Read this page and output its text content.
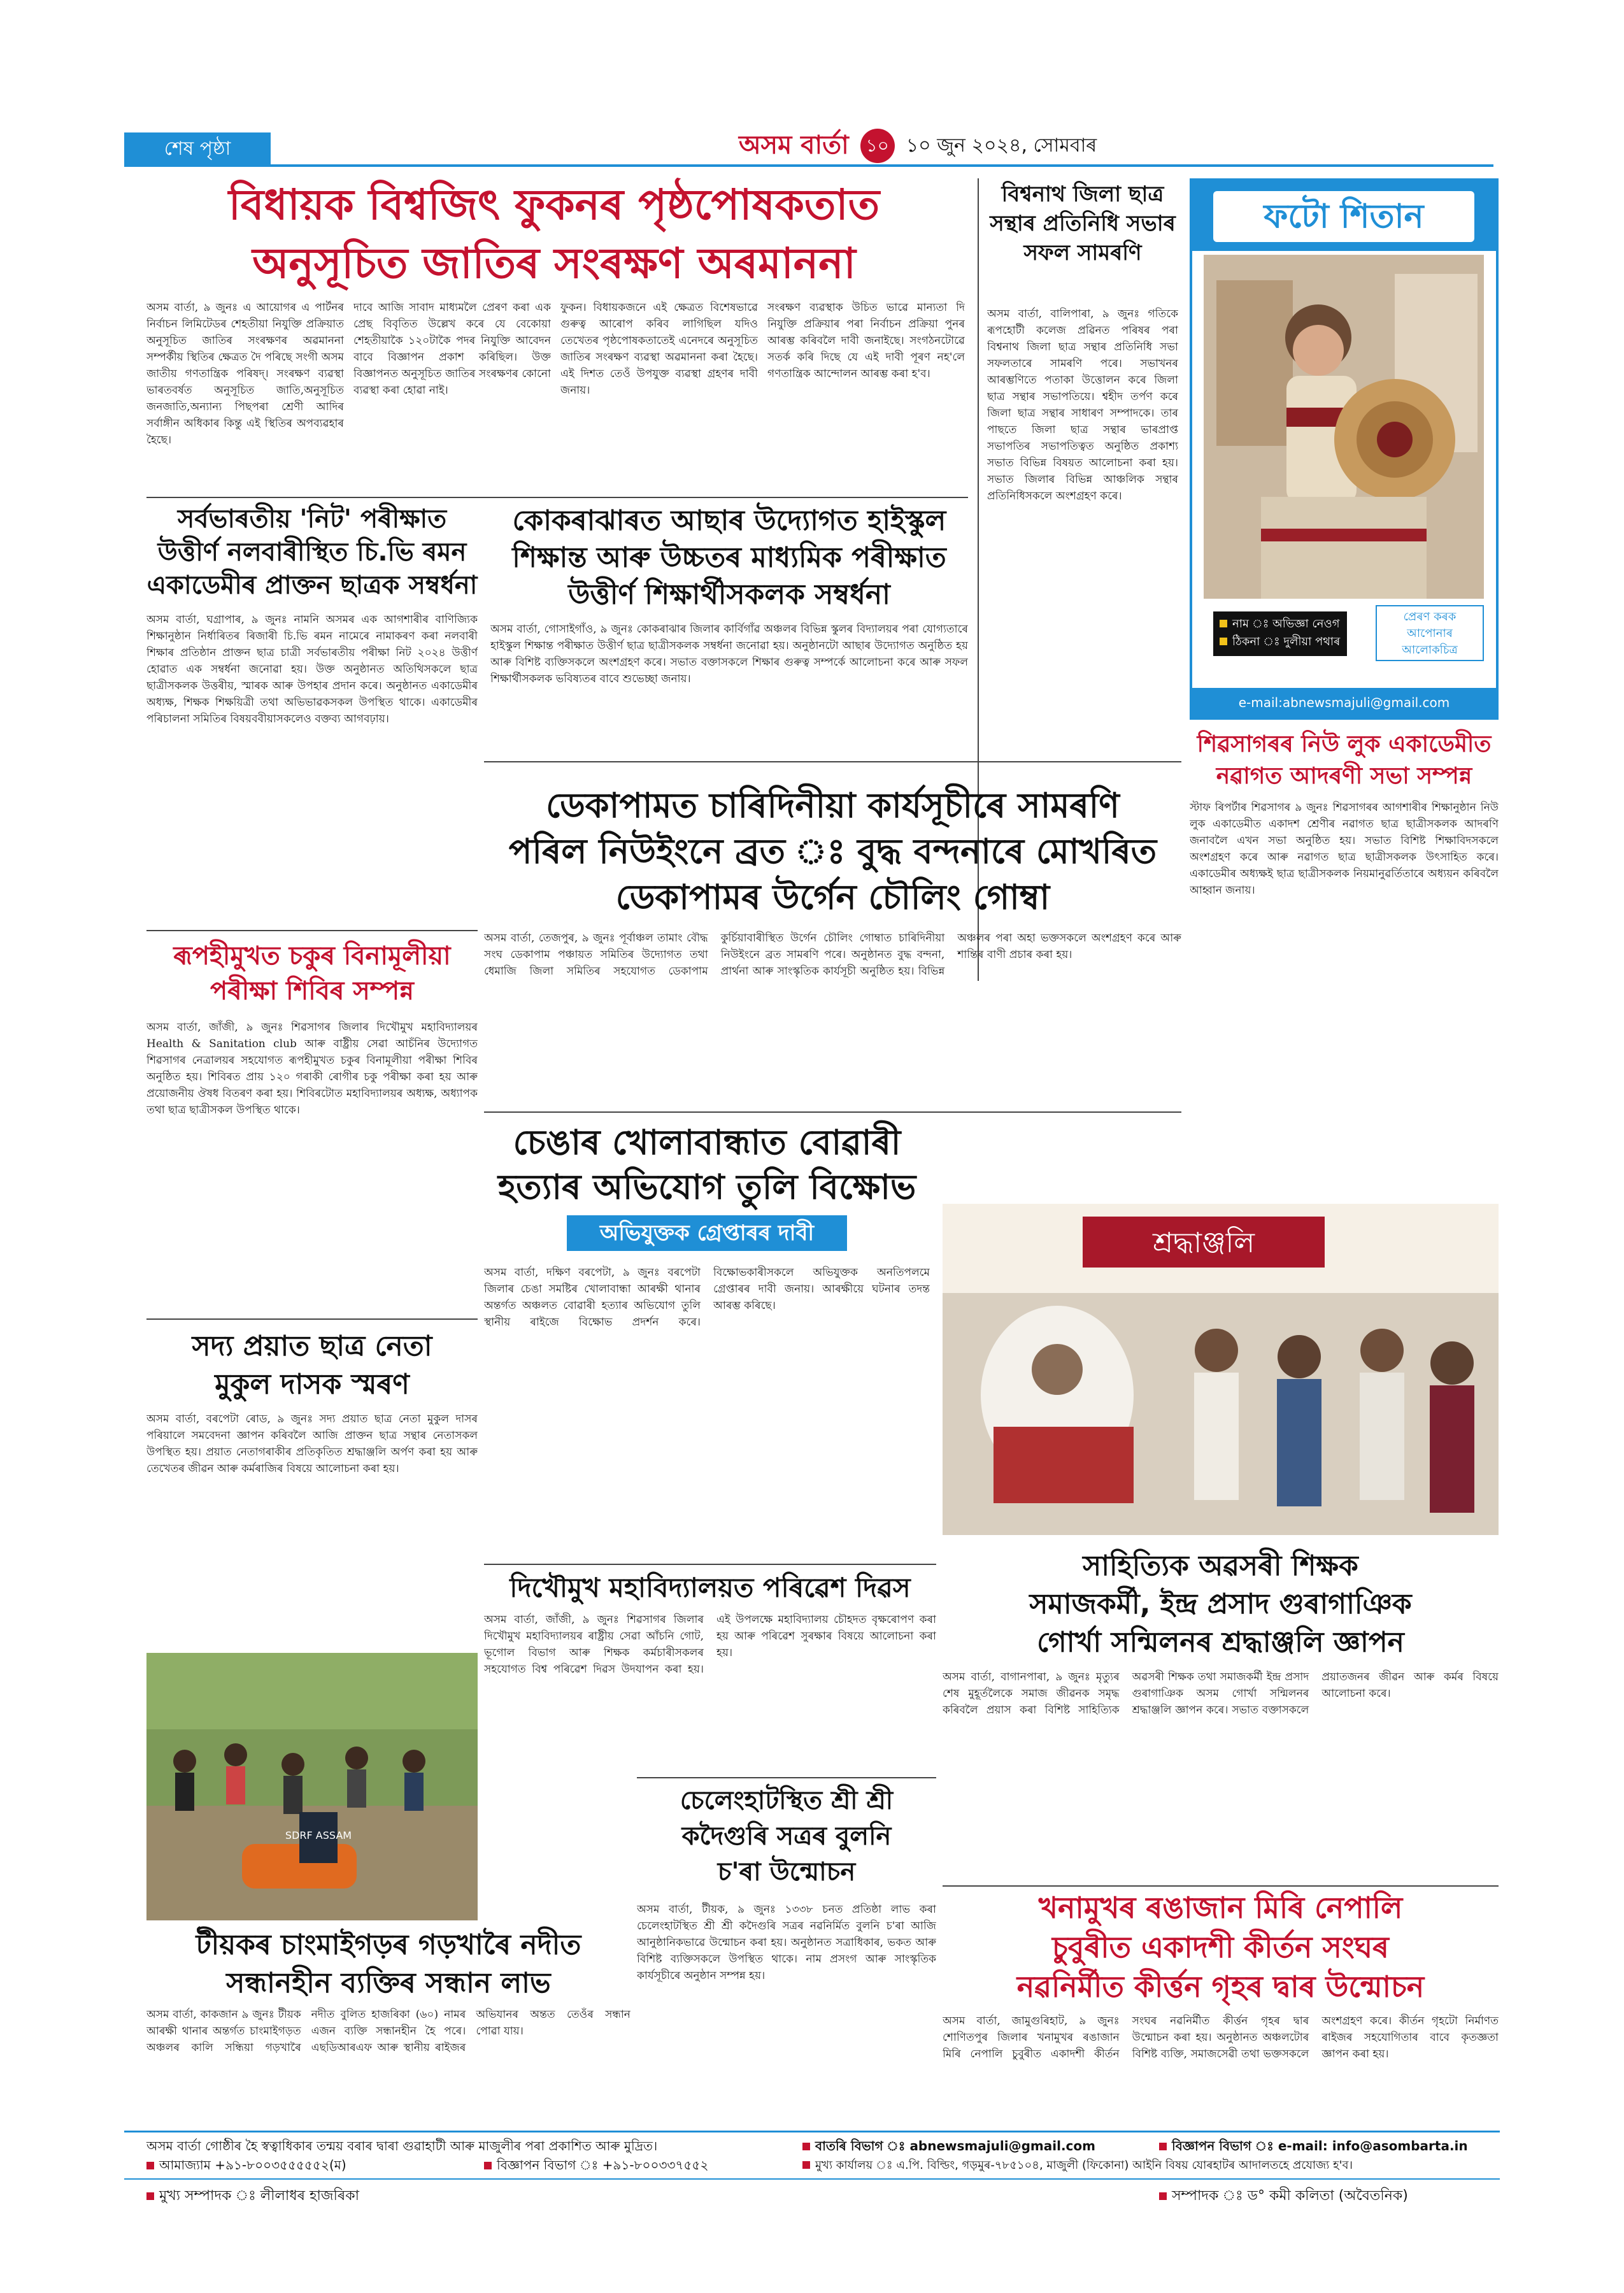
শেষ পৃষ্ঠা	অসম বার্তা ১০ ১০ জুন ২০২৪, সোমবাৰ
বিধায়ক বিশ্বজিৎ ফুকনৰ পৃষ্ঠপোষকতাত
অনুসূচিত জাতিৰ সংৰক্ষণ অৰমাননা
অসম বাৰ্তা, ৯ জুনঃ এ আয়োগৰ এ পাৰ্টনৰ নিৰ্বাচন লিমিটেডৰ শেহতীয়া নিযুক্তি প্ৰক্ৰিয়াত অনুসূচিত জাতিৰ সংৰক্ষণৰ অৱমাননা সম্পৰ্কীয় স্থিতিৰ ক্ষেত্ৰত দৈ পৰিছে সংগী অসম জাতীয় গণতান্ত্ৰিক পৰিষদ্। সংৰক্ষণ ব্যৱস্থা ভাৰতবৰ্ষত অনুসূচিত জাতি,অনুসূচিত জনজাতি,অন্যান্য পিছপৰা শ্ৰেণী আদিৰ সৰ্বাঙ্গীন অধিকাৰ কিন্তু এই স্থিতিৰ অপব্যৱহাৰ হৈছে।
দাবে আজি সাবাদ মাধ্যমলৈ প্ৰেৰণ কৰা এক প্ৰেছ বিবৃতিত উল্লেখ কৰে যে বেকোয়া শেহতীয়াকৈ ১২০টাকৈ পদৰ নিযুক্তি আবেদন বাবে বিজ্ঞাপন প্ৰকাশ কৰিছিল। উক্ত বিজ্ঞাপনত অনুসূচিত জাতিৰ সংৰক্ষণৰ কোনো ব্যৱস্থা কৰা হোৱা নাই।
ফুকন। বিধায়কজনে এই ক্ষেত্ৰত বিশেষভাৱে গুৰুত্ব আৰোপ কৰিব লাগিছিল যদিও তেখেতৰ পৃষ্ঠপোষকতাতেই এনেদৰে অনুসূচিত জাতিৰ সংৰক্ষণ ব্যৱস্থা অৱমাননা কৰা হৈছে। এই দিশত তেওঁ উপযুক্ত ব্যৱস্থা গ্ৰহণৰ দাবী জনায়।
সংৰক্ষণ ব্যৱস্থাক উচিত ভাৱে মান্যতা দি নিযুক্তি প্ৰক্ৰিয়াৰ পৰা নিৰ্বাচন প্ৰক্ৰিয়া পুনৰ আৰম্ভ কৰিবলৈ দাবী জনাইছে। সংগঠনটোৱে সতৰ্ক কৰি দিছে যে এই দাবী পূৰণ নহ'লে গণতান্ত্ৰিক আন্দোলন আৰম্ভ কৰা হ'ব।
বিশ্বনাথ জিলা ছাত্ৰ সন্থাৰ প্ৰতিনিধি সভাৰ সফল সামৰণি
অসম বাৰ্তা, বালিপাৰা, ৯ জুনঃ গতিকে ৰূপহোটী কলেজ প্ৰৱিনত পৰিষৰ পৰা বিশ্বনাথ জিলা ছাত্ৰ সন্থাৰ প্ৰতিনিধি সভা সফলতাৰে সামৰণি পৰে। সভাখনৰ আৰম্ভণিতে পতাকা উত্তোলন কৰে জিলা ছাত্ৰ সন্থাৰ সভাপতিয়ে। শ্বহীদ তৰ্পণ কৰে জিলা ছাত্ৰ সন্থাৰ সাধাৰণ সম্পাদকে। তাৰ পাছতে জিলা ছাত্ৰ সন্থাৰ ভাৰপ্ৰাপ্ত সভাপতিৰ সভাপতিত্বত অনুষ্ঠিত প্ৰকাশ্য সভাত বিভিন্ন বিষয়ত আলোচনা কৰা হয়। সভাত জিলাৰ বিভিন্ন আঞ্চলিক সন্থাৰ প্ৰতিনিধিসকলে অংশগ্ৰহণ কৰে।
ফটো শিতান
নাম ঃ অভিজ্ঞা নেওগ
ঠিকনা ঃ দুলীয়া পথাৰ
প্ৰেৰণ কৰক আপোনাৰ আলোকচিত্ৰ
e-mail:abnewsmajuli@gmail.com
সৰ্বভাৰতীয় 'নিট' পৰীক্ষাত
উত্তীৰ্ণ নলবাৰীস্থিত চি.ভি ৰমন
একাডেমীৰ প্ৰাক্তন ছাত্ৰক সম্বৰ্ধনা
অসম বাৰ্তা, ঘগ্ৰাপাৰ, ৯ জুনঃ নামনি অসমৰ এক আগশাৰীৰ বাণিজ্যিক শিক্ষানুষ্ঠান নিৰ্ধাৰিতৰ ৰিজাৰী চি.ভি ৰমন নামেৰে নামাকৰণ কৰা নলবাৰী শিক্ষাৰ প্ৰতিষ্ঠান প্ৰাক্তন ছাত্ৰ চাত্ৰী সৰ্বভাৰতীয় পৰীক্ষা নিট ২০২৪ উত্তীৰ্ণ হোৱাত এক সম্বৰ্ধনা জনোৱা হয়। উক্ত অনুষ্ঠানত অতিথিসকলে ছাত্ৰ ছাত্ৰীসকলক উত্তৰীয়, স্মাৰক আৰু উপহাৰ প্ৰদান কৰে। অনুষ্ঠানত একাডেমীৰ অধ্যক্ষ, শিক্ষক শিক্ষয়িত্ৰী তথা অভিভাৱকসকল উপস্থিত থাকে। একাডেমীৰ পৰিচালনা সমিতিৰ বিষয়ববীয়াসকলেও বক্তব্য আগবঢ়ায়।
কোকৰাঝাৰত আছাৰ উদ্যোগত হাইস্কুল
শিক্ষান্ত আৰু উচ্চতৰ মাধ্যমিক পৰীক্ষাত
উত্তীৰ্ণ শিক্ষাৰ্থীসকলক সম্বৰ্ধনা
অসম বাৰ্তা, গোসাইগাঁও, ৯ জুনঃ কোকৰাঝাৰ জিলাৰ কাৰ্বিগাঁৱ অঞ্চলৰ বিভিন্ন স্কুলৰ বিদ্যালয়ৰ পৰা যোগ্যতাৰে হাইস্কুল শিক্ষান্ত পৰীক্ষাত উত্তীৰ্ণ ছাত্ৰ ছাত্ৰীসকলক সম্বৰ্ধনা জনোৱা হয়। অনুষ্ঠানটো আছাৰ উদ্যোগত অনুষ্ঠিত হয় আৰু বিশিষ্ট ব্যক্তিসকলে অংশগ্ৰহণ কৰে। সভাত বক্তাসকলে শিক্ষাৰ গুৰুত্ব সম্পৰ্কে আলোচনা কৰে আৰু সফল শিক্ষাৰ্থীসকলক ভবিষ্যতৰ বাবে শুভেচ্ছা জনায়।
শিৱসাগৰৰ নিউ লুক একাডেমীত
নৱাগত আদৰণী সভা সম্পন্ন
স্টাফ ৰিপৰ্টাৰ শিৱসাগৰ ৯ জুনঃ শিৱসাগৰৰ আগশাৰীৰ শিক্ষানুষ্ঠান নিউ লুক একাডেমীত একাদশ শ্ৰেণীৰ নৱাগত ছাত্ৰ ছাত্ৰীসকলক আদৰণি জনাবলৈ এখন সভা অনুষ্ঠিত হয়। সভাত বিশিষ্ট শিক্ষাবিদসকলে অংশগ্ৰহণ কৰে আৰু নৱাগত ছাত্ৰ ছাত্ৰীসকলক উৎসাহিত কৰে। একাডেমীৰ অধ্যক্ষই ছাত্ৰ ছাত্ৰীসকলক নিয়মানুৱৰ্তিতাৰে অধ্যয়ন কৰিবলৈ আহ্বান জনায়।
ডেকাপামত চাৰিদিনীয়া কাৰ্যসূচীৰে সামৰণি
পৰিল নিউইংনে ব্ৰত ঃ বুদ্ধ বন্দনাৰে মোখৰিত
ডেকাপামৰ উৰ্গেন চৌলিং গোম্বা
অসম বাৰ্তা, তেজপুৰ, ৯ জুনঃ পূৰ্বাঞ্চল তামাং বৌদ্ধ সংঘ ডেকাপাম পঞ্চায়ত সমিতিৰ উদ্যোগত তথা ধেমাজি জিলা সমিতিৰ সহযোগত ডেকাপাম কুৰ্চিয়াবাৰীস্থিত উৰ্গেন চৌলিং গোম্বাত চাৰিদিনীয়া নিউইংনে ব্ৰত সামৰণি পৰে। অনুষ্ঠানত বুদ্ধ বন্দনা, প্ৰাৰ্থনা আৰু সাংস্কৃতিক কাৰ্যসূচী অনুষ্ঠিত হয়। বিভিন্ন অঞ্চলৰ পৰা অহা ভক্তসকলে অংশগ্ৰহণ কৰে আৰু শান্তিৰ বাণী প্ৰচাৰ কৰা হয়।
ৰূপহীমুখত চকুৰ বিনামূলীয়া
পৰীক্ষা শিবিৰ সম্পন্ন
অসম বাৰ্তা, জাঁজী, ৯ জুনঃ শিৱসাগৰ জিলাৰ দিখৌমুখ মহাবিদ্যালয়ৰ Health & Sanitation club আৰু বাষ্ট্ৰীয় সেৱা আচঁনিৰ উদ্যোগত শিৱসাগৰ নেত্ৰালয়ৰ সহযোগত ৰূপহীমুখত চকুৰ বিনামূলীয়া পৰীক্ষা শিবিৰ অনুষ্ঠিত হয়। শিবিৰত প্ৰায় ১২০ গৰাকী ৰোগীৰ চকু পৰীক্ষা কৰা হয় আৰু প্ৰয়োজনীয় ঔষধ বিতৰণ কৰা হয়। শিবিৰটোত মহাবিদ্যালয়ৰ অধ্যক্ষ, অধ্যাপক তথা ছাত্ৰ ছাত্ৰীসকল উপস্থিত থাকে।
চেঙাৰ খোলাবান্ধাত বোৱাৰী
হত্যাৰ অভিযোগ তুলি বিক্ষোভ
অভিযুক্তক গ্ৰেপ্তাৰৰ দাবী
অসম বাৰ্তা, দক্ষিণ বৰপেটা, ৯ জুনঃ বৰপেটা জিলাৰ চেঙা সমষ্টিৰ খোলাবান্ধা আৰক্ষী থানাৰ অন্তৰ্গত অঞ্চলত বোৱাৰী হত্যাৰ অভিযোগ তুলি স্থানীয় ৰাইজে বিক্ষোভ প্ৰদৰ্শন কৰে। বিক্ষোভকাৰীসকলে অভিযুক্তক অনতিপলমে গ্ৰেপ্তাৰৰ দাবী জনায়। আৰক্ষীয়ে ঘটনাৰ তদন্ত আৰম্ভ কৰিছে।
শ্ৰদ্ধাঞ্জলি
সাহিত্যিক অৱসৰী শিক্ষক
সমাজকৰ্মী, ইন্দ্ৰ প্ৰসাদ গুৰাগাঞিক
গোৰ্খা সন্মিলনৰ শ্ৰদ্ধাঞ্জলি জ্ঞাপন
অসম বাৰ্তা, বাগানপাৰা, ৯ জুনঃ মৃত্যুৰ শেষ মুহূৰ্তলৈকে সমাজ জীৱনক সমৃদ্ধ কৰিবলৈ প্ৰয়াস কৰা বিশিষ্ট সাহিত্যিক অৱসৰী শিক্ষক তথা সমাজকৰ্মী ইন্দ্ৰ প্ৰসাদ গুৰাগাঞিক অসম গোৰ্খা সন্মিলনৰ শ্ৰদ্ধাঞ্জলি জ্ঞাপন কৰে। সভাত বক্তাসকলে প্ৰয়াতজনৰ জীৱন আৰু কৰ্মৰ বিষয়ে আলোচনা কৰে।
সদ্য প্ৰয়াত ছাত্ৰ নেতা
মুকুল দাসক স্মৰণ
অসম বাৰ্তা, বৰপেটা ৰোড, ৯ জুনঃ সদ্য প্ৰয়াত ছাত্ৰ নেতা মুকুল দাসৰ পৰিয়ালে সমবেদনা জ্ঞাপন কৰিবলৈ আজি প্ৰাক্তন ছাত্ৰ সন্থাৰ নেতাসকল উপস্থিত হয়। প্ৰয়াত নেতাগৰাকীৰ প্ৰতিকৃতিত শ্ৰদ্ধাঞ্জলি অৰ্পণ কৰা হয় আৰু তেখেতৰ জীৱন আৰু কৰ্মৰাজিৰ বিষয়ে আলোচনা কৰা হয়।
দিখৌমুখ মহাবিদ্যালয়ত পৰিৱেশ দিৱস
অসম বাৰ্তা, জাঁজী, ৯ জুনঃ শিৱসাগৰ জিলাৰ দিখৌমুখ মহাবিদ্যালয়ৰ ৰাষ্ট্ৰীয় সেৱা আঁচনি গোট, ভূগোল বিভাগ আৰু শিক্ষক কৰ্মচাৰীসকলৰ সহযোগত বিশ্ব পৰিৱেশ দিৱস উদযাপন কৰা হয়। এই উপলক্ষে মহাবিদ্যালয় চৌহদত বৃক্ষৰোপণ কৰা হয় আৰু পৰিৱেশ সুৰক্ষাৰ বিষয়ে আলোচনা কৰা হয়।
SDRF ASSAM
টীয়কৰ চাংমাইগড়ৰ গড়খাৰৈ নদীত
সন্ধানহীন ব্যক্তিৰ সন্ধান লাভ
অসম বাৰ্তা, কাকজান ৯ জুনঃ টীয়ক আৰক্ষী থানাৰ অন্তৰ্গত চাংমাইগড়ত অঞ্চলৰ কালি সন্ধিয়া গড়খাৰৈ নদীত বুলিত হাজৰিকা (৬০) নামৰ এজন ব্যক্তি সন্ধানহীন হৈ পৰে। এছডিআৰএফ আৰু স্থানীয় ৰাইজৰ অভিযানৰ অন্তত তেওঁৰ সন্ধান পোৱা যায়।
চেলেংহাটস্থিত শ্ৰী শ্ৰী
কদৈগুৰি সত্ৰৰ বুলনি
চ'ৰা উন্মোচন
অসম বাৰ্তা, টীয়ক, ৯ জুনঃ ১৩৩৮ চনত প্ৰতিষ্ঠা লাভ কৰা চেলেংহাটস্থিত শ্ৰী শ্ৰী কদৈগুৰি সত্ৰৰ নৱনিৰ্মিত বুলনি চ'ৰা আজি আনুষ্ঠানিকভাৱে উন্মোচন কৰা হয়। অনুষ্ঠানত সত্ৰাধিকাৰ, ভকত আৰু বিশিষ্ট ব্যক্তিসকলে উপস্থিত থাকে। নাম প্ৰসংগ আৰু সাংস্কৃতিক কাৰ্যসূচীৰে অনুষ্ঠান সম্পন্ন হয়।
খনামুখৰ ৰঙাজান মিৰি নেপালি
চুবুৰীত একাদশী কীৰ্তন সংঘৰ
নৱনিৰ্মীত কীৰ্ত্তন গৃহৰ দ্বাৰ উন্মোচন
অসম বাৰ্তা, জামুগুৰিহাট, ৯ জুনঃ শোণিতপুৰ জিলাৰ খনামুখৰ ৰঙাজান মিৰি নেপালি চুবুৰীত একাদশী কীৰ্তন সংঘৰ নৱনিৰ্মীত কীৰ্ত্তন গৃহৰ দ্বাৰ উন্মোচন কৰা হয়। অনুষ্ঠানত অঞ্চলটোৰ বিশিষ্ট ব্যক্তি, সমাজসেৱী তথা ভক্তসকলে অংশগ্ৰহণ কৰে। কীৰ্তন গৃহটো নিৰ্মাণত ৰাইজৰ সহযোগিতাৰ বাবে কৃতজ্ঞতা জ্ঞাপন কৰা হয়।
অসম বাৰ্তা গোষ্ঠীৰ হৈ স্বত্বাধিকাৰ তন্ময় বৰাৰ দ্বাৰা গুৱাহাটী আৰু মাজুলীৰ পৰা প্ৰকাশিত আৰু মুদ্ৰিত।
আমাজ্যাম +৯১-৮০০৩৫৫৫৫৫২(ম)	বিজ্ঞাপন বিভাগ ঃ +৯১-৮০০৩৩৭৫৫২
বাতৰি বিভাগ ঃ abnewsmajuli@gmail.com	বিজ্ঞাপন বিভাগ ঃ e-mail: info@asombarta.in
মুখ্য কাৰ্যালয় ঃ এ.পি. বিল্ডিং, গড়মুৰ-৭৮৫১০৪, মাজুলী (ফিকোনা) আইনি বিষয় যোৰহাটৰ আদালতহে প্ৰযোজ্য হ'ব।
মুখ্য সম্পাদক ঃ লীলাধৰ হাজৰিকা	সম্পাদক ঃ ড° কমী কলিতা (অবৈতনিক)
